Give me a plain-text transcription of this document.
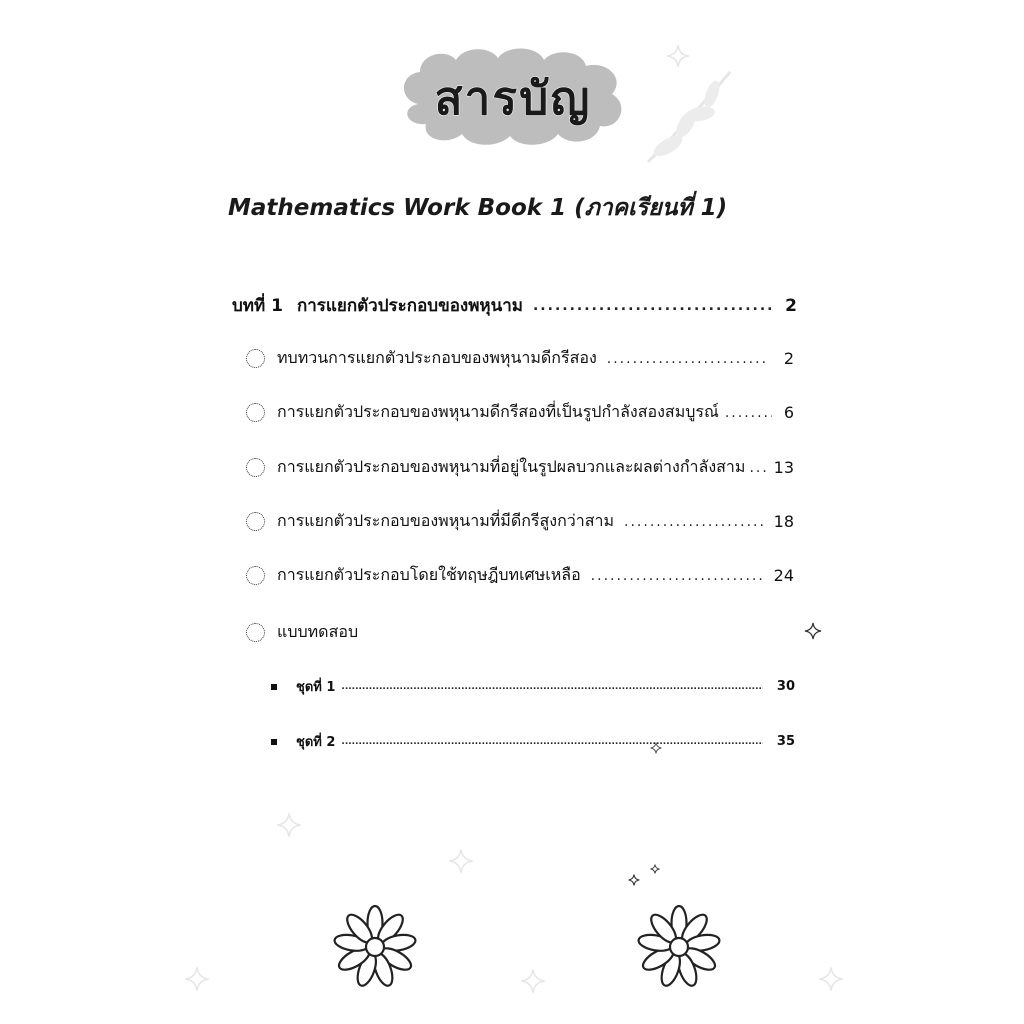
สารบัญ
Mathematics Work Book 1 (ภาคเรียนที่ 1)
บทที่ 1 การแยกตัวประกอบของพหุนาม .....	2
ทบทวนการแยกตัวประกอบของพหุนามดีกรีสอง .....	2
การแยกตัวประกอบของพหุนามดีกรีสองที่เป็นรูปกำลังสองสมบูรณ์ .....	6
การแยกตัวประกอบของพหุนามที่อยู่ในรูปผลบวกและผลต่างกำลังสาม ..... 13
การแยกตัวประกอบของพหุนามที่มีดีกรีสูงกว่าสาม .....	18
การแยกตัวประกอบโดยใช้ทฤษฎีบทเศษเหลือ .....	24
แบบทดสอบ
ชุดที่ 1 .....	30
ชุดที่ 2 .....	35
